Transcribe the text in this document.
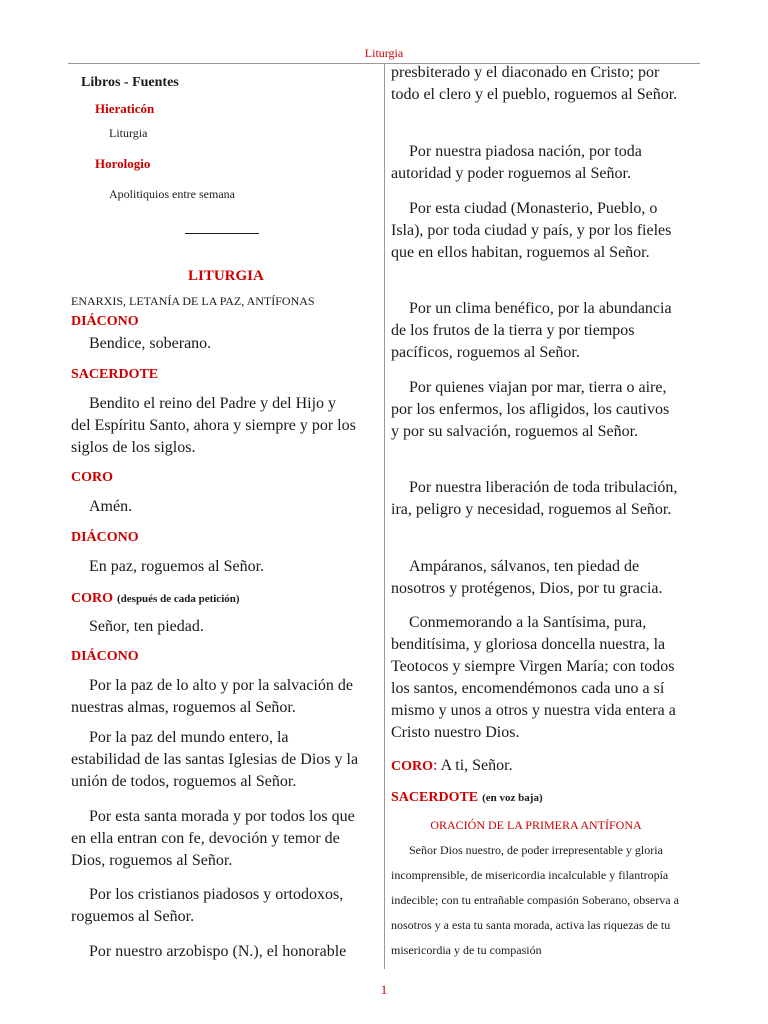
Liturgia
Libros - Fuentes
Hieraticón
Liturgia
Horologio
Apolitiquios entre semana
LITURGIA
ENARXIS, LETANÍA DE LA PAZ, ANTÍFONAS
DIÁCONO
Bendice, soberano.
SACERDOTE
Bendito el reino del Padre y del Hijo y del Espíritu Santo, ahora y siempre y por los siglos de los siglos.
CORO
Amén.
DIÁCONO
En paz, roguemos al Señor.
CORO (después de cada petición)
Señor, ten piedad.
DIÁCONO
Por la paz de lo alto y por la salvación de nuestras almas, roguemos al Señor.
Por la paz del mundo entero, la estabilidad de las santas Iglesias de Dios y la unión de todos, roguemos al Señor.
Por esta santa morada y por todos los que en ella entran con fe, devoción y temor de Dios, roguemos al Señor.
Por los cristianos piadosos y ortodoxos, roguemos al Señor.
Por nuestro arzobispo (N.), el honorable
presbiterado y el diaconado en Cristo; por todo el clero y el pueblo, roguemos al Señor.
Por nuestra piadosa nación, por toda autoridad y poder roguemos al Señor.
Por esta ciudad (Monasterio, Pueblo, o Isla), por toda ciudad y país, y por los fieles que en ellos habitan, roguemos al Señor.
Por un clima benéfico, por la abundancia de los frutos de la tierra y por tiempos pacíficos, roguemos al Señor.
Por quienes viajan por mar, tierra o aire, por los enfermos, los afligidos, los cautivos y por su salvación, roguemos al Señor.
Por nuestra liberación de toda tribulación, ira, peligro y necesidad, roguemos al Señor.
Ampáranos, sálvanos, ten piedad de nosotros y protégenos, Dios, por tu gracia.
Conmemorando a la Santísima, pura, benditísima, y gloriosa doncella nuestra, la Teotocos y siempre Virgen María; con todos los santos, encomendémonos cada uno a sí mismo y unos a otros y nuestra vida entera a Cristo nuestro Dios.
CORO: A ti, Señor.
SACERDOTE (en voz baja)
ORACIÓN DE LA PRIMERA ANTÍFONA
Señor Dios nuestro, de poder irrepresentable y gloria incomprensible, de misericordia incalculable y filantropía indecible; con tu entrañable compasión Soberano, observa a nosotros y a esta tu santa morada, activa las riquezas de tu misericordia y de tu compasión
1
